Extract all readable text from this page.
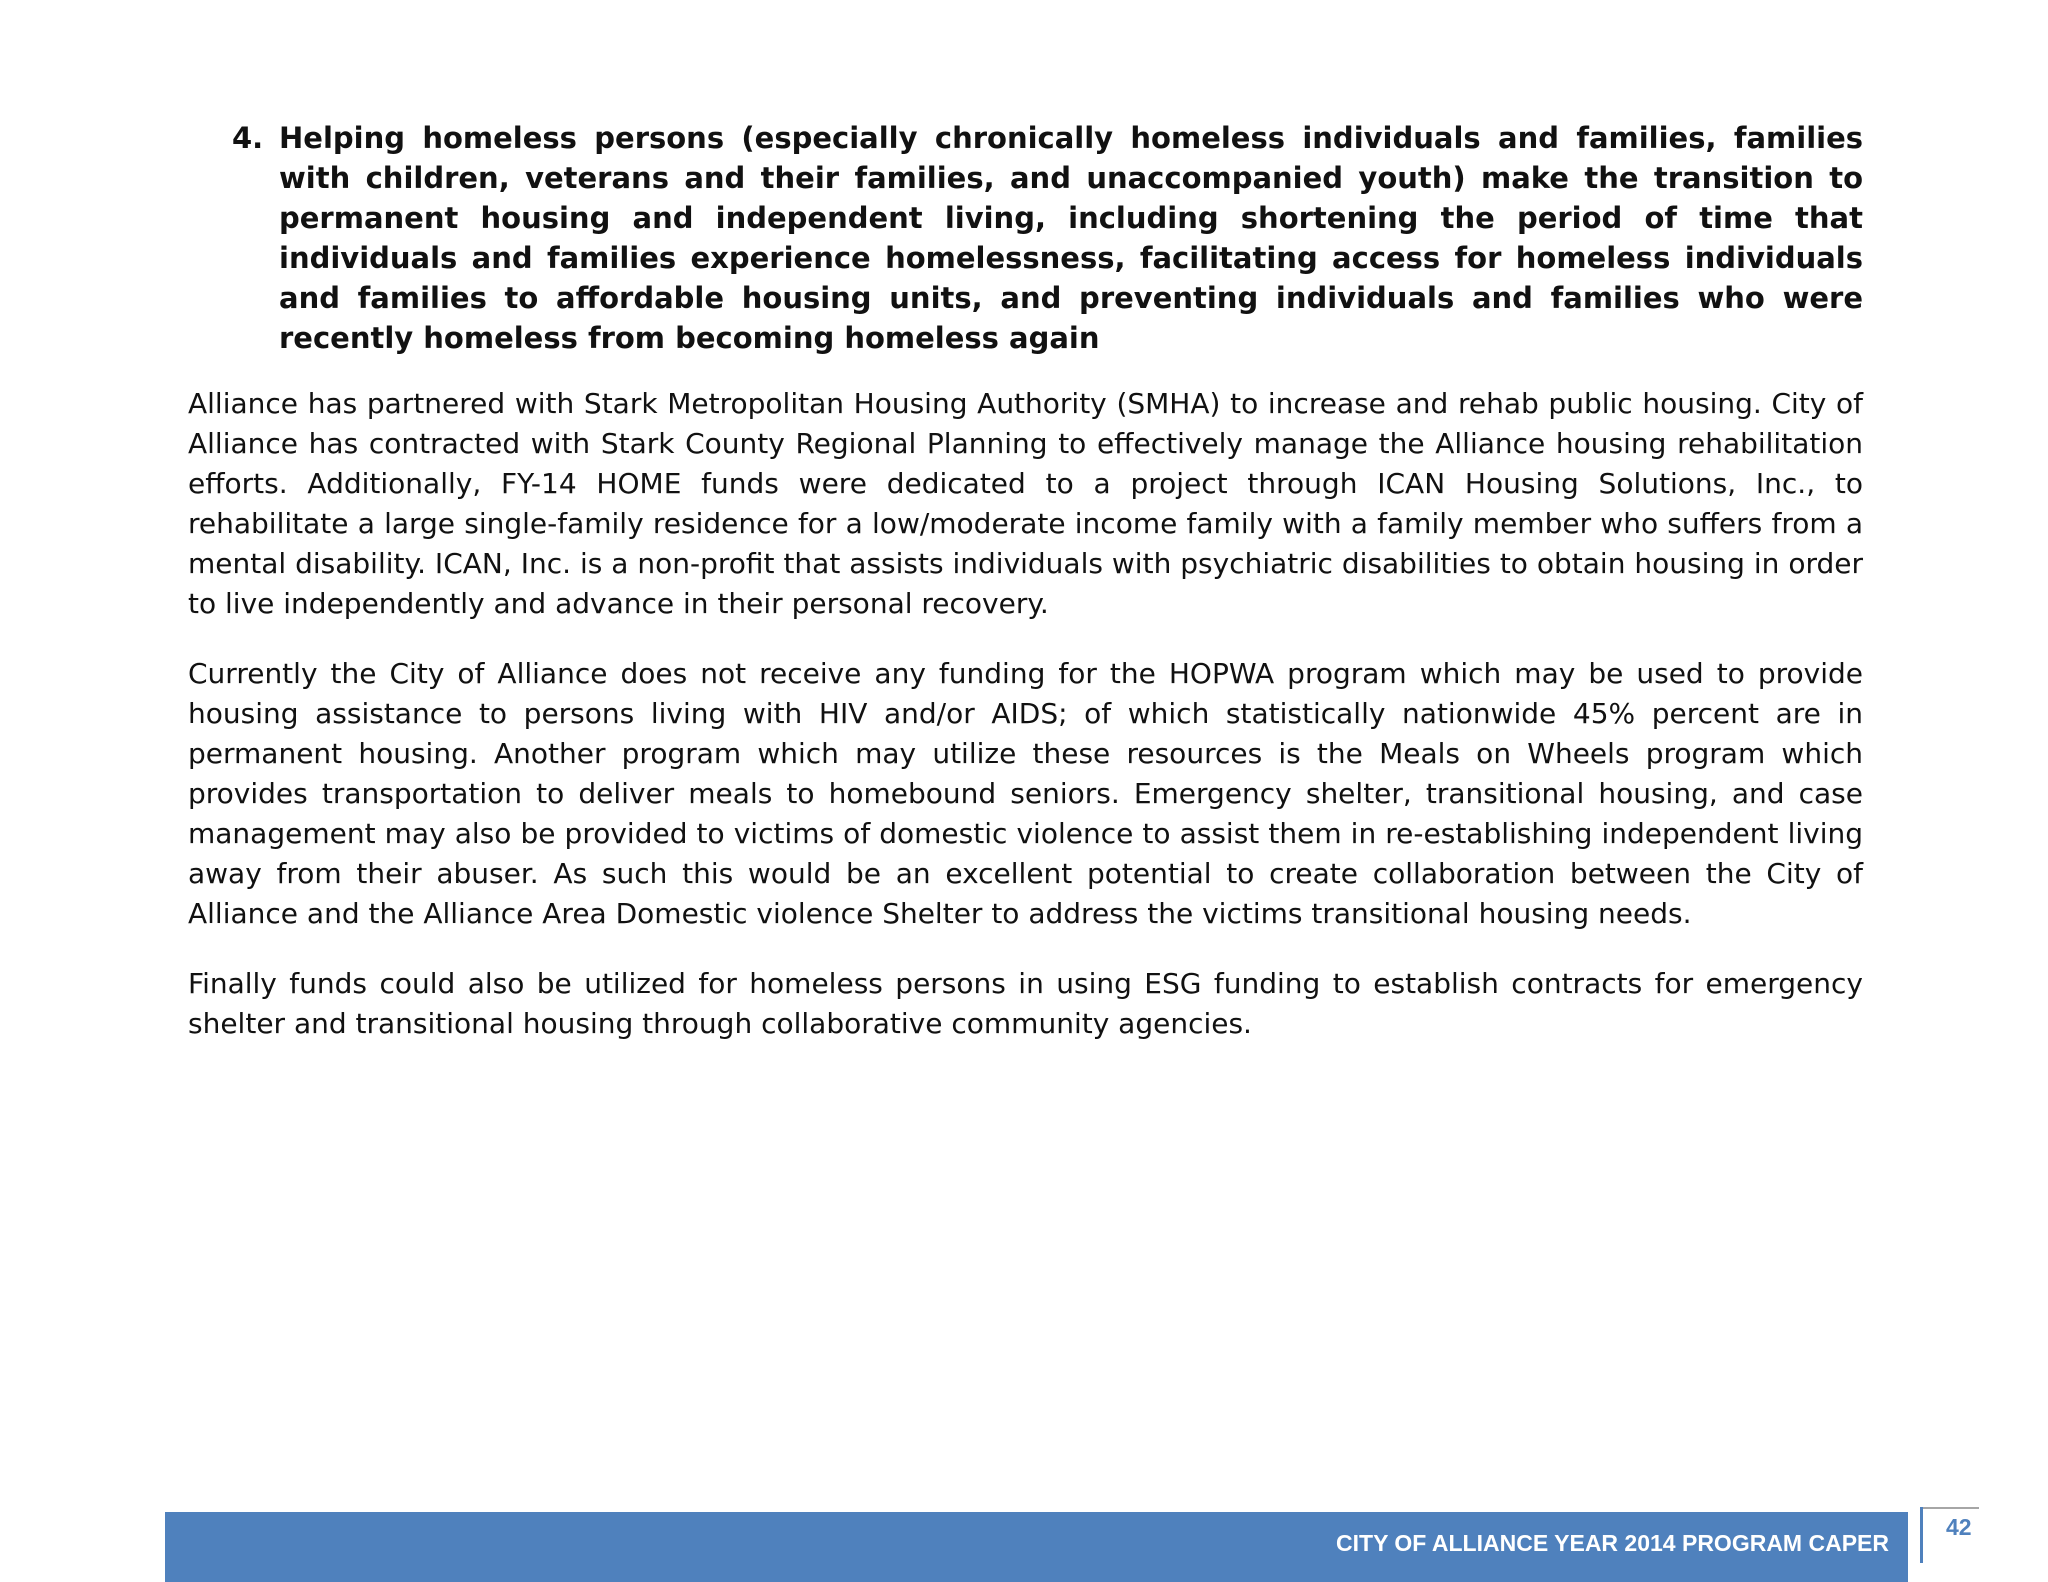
4. Helping homeless persons (especially chronically homeless individuals and families, families with children, veterans and their families, and unaccompanied youth) make the transition to permanent housing and independent living, including shortening the period of time that individuals and families experience homelessness, facilitating access for homeless individuals and families to affordable housing units, and preventing individuals and families who were recently homeless from becoming homeless again

Alliance has partnered with Stark Metropolitan Housing Authority (SMHA) to increase and rehab public housing. City of Alliance has contracted with Stark County Regional Planning to effectively manage the Alliance housing rehabilitation efforts. Additionally, FY-14 HOME funds were dedicated to a project through ICAN Housing Solutions, Inc., to rehabilitate a large single-family residence for a low/moderate income family with a family member who suffers from a mental disability. ICAN, Inc. is a non-profit that assists individuals with psychiatric disabilities to obtain housing in order to live independently and advance in their personal recovery.

Currently the City of Alliance does not receive any funding for the HOPWA program which may be used to provide housing assistance to persons living with HIV and/or AIDS; of which statistically nationwide 45% percent are in permanent housing. Another program which may utilize these resources is the Meals on Wheels program which provides transportation to deliver meals to homebound seniors. Emergency shelter, transitional housing, and case management may also be provided to victims of domestic violence to assist them in re-establishing independent living away from their abuser. As such this would be an excellent potential to create collaboration between the City of Alliance and the Alliance Area Domestic violence Shelter to address the victims transitional housing needs.

Finally funds could also be utilized for homeless persons in using ESG funding to establish contracts for emergency shelter and transitional housing through collaborative community agencies.

CITY OF ALLIANCE YEAR 2014 PROGRAM CAPER
42
